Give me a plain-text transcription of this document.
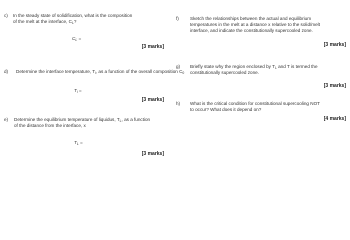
c) In the steady state of solidification, what is the composition of the melt at the interface, $C_L$?
$C_L$ =
[3 marks]
d) Determine the interface temperature, $T_i$, as a function of the overall composition $C_0$
$T_i$ =
[3 marks]
e) Determine the equilibrium temperature of liquidus, $T_L$, as a function of the distance from the interface, x
$T_L$ =
[3 marks]
f) Sketch the relationships between the actual and equilibrium temperatures in the melt at a distance x relative to the solid/melt interface, and indicate the constitutionally supercooled zone.
[3 marks]
g) Briefly state why the region enclosed by $T_L$ and T is termed the constitutionally supercooled zone.
[3 marks]
h) What is the critical condition for constitutional supercooling NOT to occur? What does it depend on?
[4 marks]
